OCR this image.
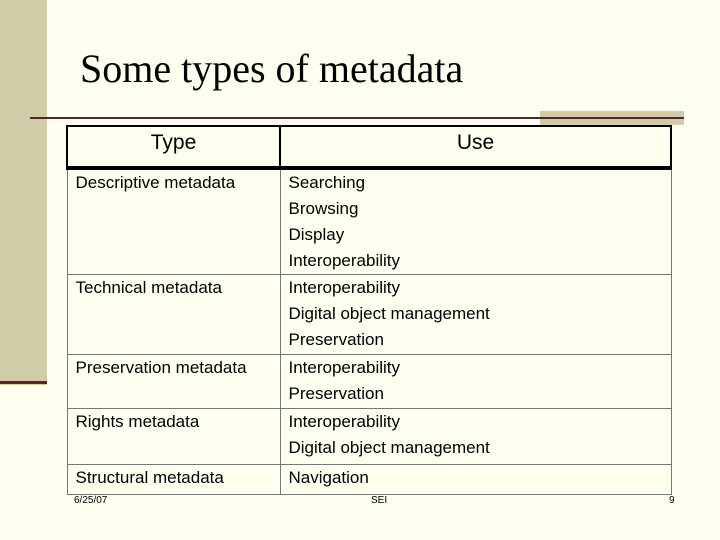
Some types of metadata
Type	Use
Descriptive metadata	Searching
Browsing
Display
Interoperability

Technical metadata	Interoperability
Digital object management
Preservation

Preservation metadata	Interoperability
Preservation

Rights metadata	Interoperability
Digital object management

Structural metadata	Navigation
6/25/07	SEI	9
